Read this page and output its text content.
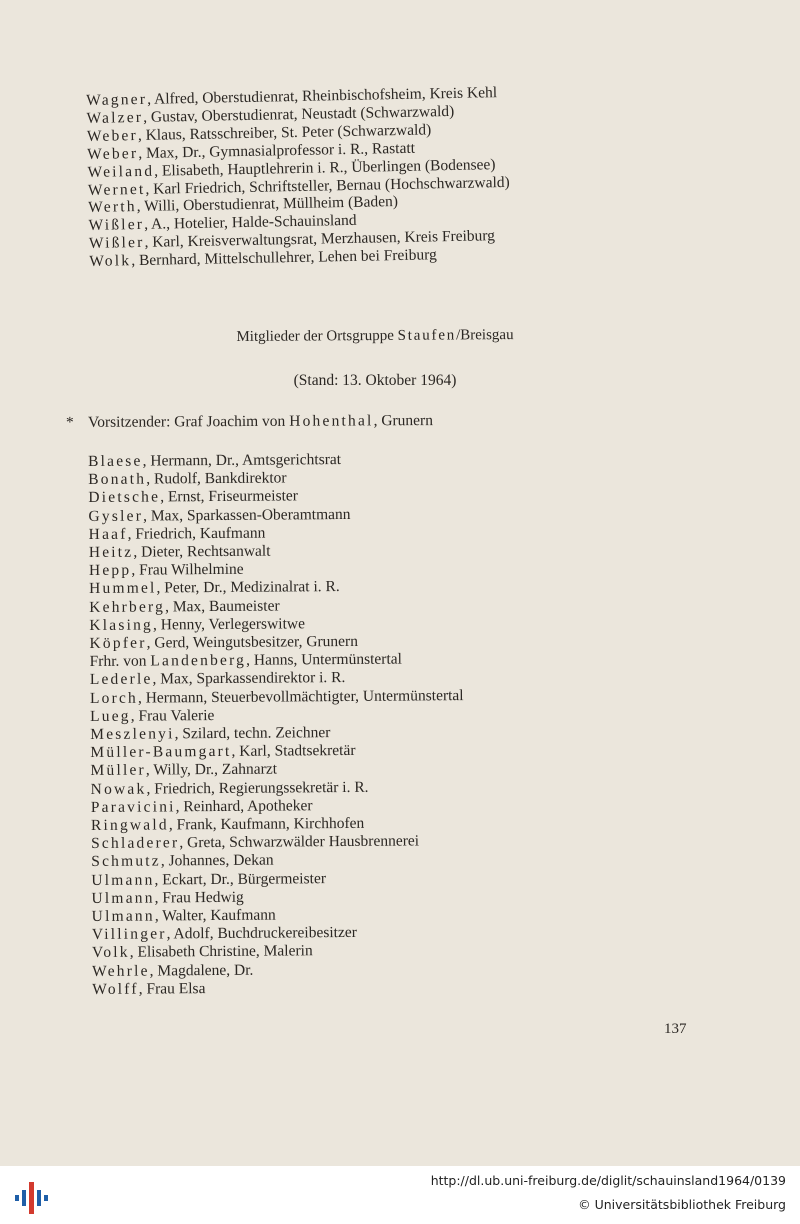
Wagner, Alfred, Oberstudienrat, Rheinbischofsheim, Kreis Kehl
Walzer, Gustav, Oberstudienrat, Neustadt (Schwarzwald)
Weber, Klaus, Ratsschreiber, St. Peter (Schwarzwald)
Weber, Max, Dr., Gymnasialprofessor i. R., Rastatt
Weiland, Elisabeth, Hauptlehrerin i. R., Überlingen (Bodensee)
Wernet, Karl Friedrich, Schriftsteller, Bernau (Hochschwarzwald)
Werth, Willi, Oberstudienrat, Müllheim (Baden)
Wißler, A., Hotelier, Halde-Schauinsland
Wißler, Karl, Kreisverwaltungsrat, Merzhausen, Kreis Freiburg
Wolk, Bernhard, Mittelschullehrer, Lehen bei Freiburg
Mitglieder der Ortsgruppe Staufen/Breisgau
(Stand: 13. Oktober 1964)
* Vorsitzender: Graf Joachim von Hohenthal, Grunern
Blaese, Hermann, Dr., Amtsgerichtsrat
Bonath, Rudolf, Bankdirektor
Dietsche, Ernst, Friseurmeister
Gysler, Max, Sparkassen-Oberamtmann
Haaf, Friedrich, Kaufmann
Heitz, Dieter, Rechtsanwalt
Hepp, Frau Wilhelmine
Hummel, Peter, Dr., Medizinalrat i. R.
Kehrberg, Max, Baumeister
Klasing, Henny, Verlegerswitwe
Köpfer, Gerd, Weingutsbesitzer, Grunern
Frhr. von Landenberg, Hanns, Untermünstertal
Lederle, Max, Sparkassendirektor i. R.
Lorch, Hermann, Steuerbevollmächtigter, Untermünstertal
Lueg, Frau Valerie
Meszlenyi, Szilard, techn. Zeichner
Müller-Baumgart, Karl, Stadtsekretär
Müller, Willy, Dr., Zahnarzt
Nowak, Friedrich, Regierungssekretär i. R.
Paravicini, Reinhard, Apotheker
Ringwald, Frank, Kaufmann, Kirchhofen
Schladerer, Greta, Schwarzwälder Hausbrennerei
Schmutz, Johannes, Dekan
Ulmann, Eckart, Dr., Bürgermeister
Ulmann, Frau Hedwig
Ulmann, Walter, Kaufmann
Villinger, Adolf, Buchdruckereibesitzer
Volk, Elisabeth Christine, Malerin
Wehrle, Magdalene, Dr.
Wolff, Frau Elsa
137
http://dl.ub.uni-freiburg.de/diglit/schauinsland1964/0139
© Universitätsbibliothek Freiburg
